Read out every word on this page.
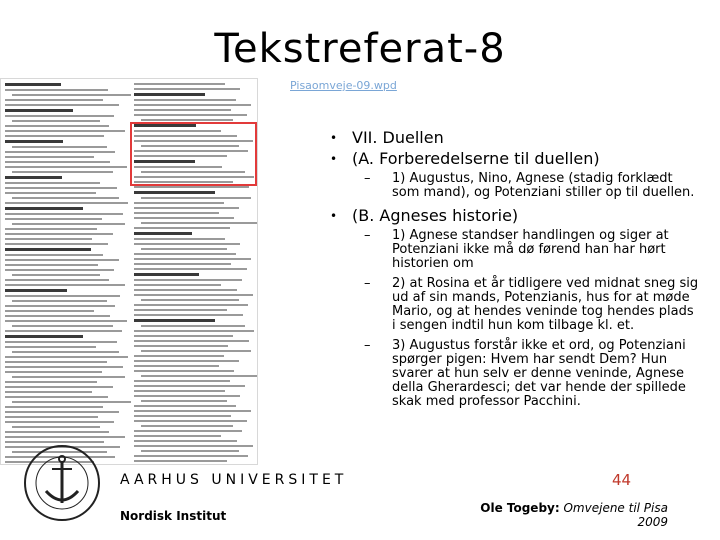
Tekstreferat-8
Pisaomveje-09.wpd
• VII. Duellen
• (A. Forberedelserne til duellen)
– 1) Augustus, Nino, Agnese (stadig forklædt som mand), og Potenziani stiller op til duellen.
• (B. Agneses historie)
– 1) Agnese standser handlingen og siger at Potenziani ikke må dø førend han har hørt historien om
– 2) at Rosina et år tidligere ved midnat sneg sig ud af sin mands, Potenzianis, hus for at møde Mario, og at hendes veninde tog hendes plads i sengen indtil hun kom tilbage kl. et.
– 3) Augustus forstår ikke et ord, og Potenziani spørger pigen: Hvem har sendt Dem? Hun svarer at hun selv er denne veninde, Agnese della Gherardesci; det var hende der spillede skak med professor Pacchini.
AARHUS UNIVERSITET
Nordisk Institut
44
Ole Togeby: Omvejene til Pisa
2009
